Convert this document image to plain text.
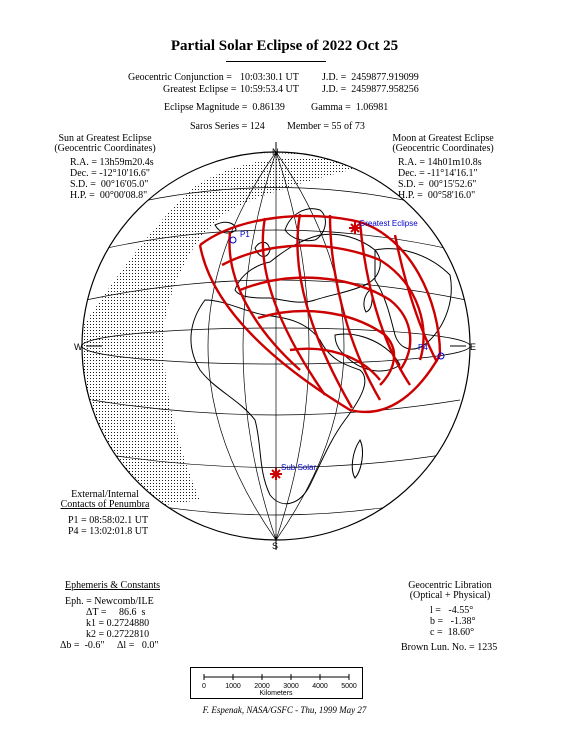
Partial Solar Eclipse of 2022 Oct 25
Geocentric Conjunction = 10:03:30.1 UT J.D. =  2459877.919099
Greatest Eclipse = 10:59:53.4 UT J.D. =  2459877.958256
Eclipse Magnitude =  0.86139	Gamma =  1.06981
Saros Series = 124 Member = 55 of 73
Sun at Greatest Eclipse
(Geocentric Coordinates)
R.A. = 13h59m20.4s
Dec. = -12°10'16.6"
S.D. =  00°16'05.0"
H.P. =  00°00'08.8"
Moon at Greatest Eclipse
(Geocentric Coordinates)
R.A. = 14h01m10.8s
Dec. = -11°14'16.1"
S.D. =  00°15'52.6"
H.P. =  00°58'16.0"
P1
P4
Greatest Eclipse
Sub Solar
N
S
E
W
External/Internal
Contacts of Penumbra
P1 = 08:58:02.1 UT
P4 = 13:02:01.8 UT
Ephemeris & Constants
Eph. = Newcomb/ILE
ΔT =     86.6  s
k1 = 0.2724880
k2 = 0.2722810
Δb =  -0.6"     Δl =   0.0"
Geocentric Libration
(Optical + Physical)
l =   -4.55°
b =   -1.38°
c =  18.60°
Brown Lun. No. = 1235
0	1000 2000 3000 4000 5000
Kilometers
F. Espenak, NASA/GSFC - Thu, 1999 May 27
